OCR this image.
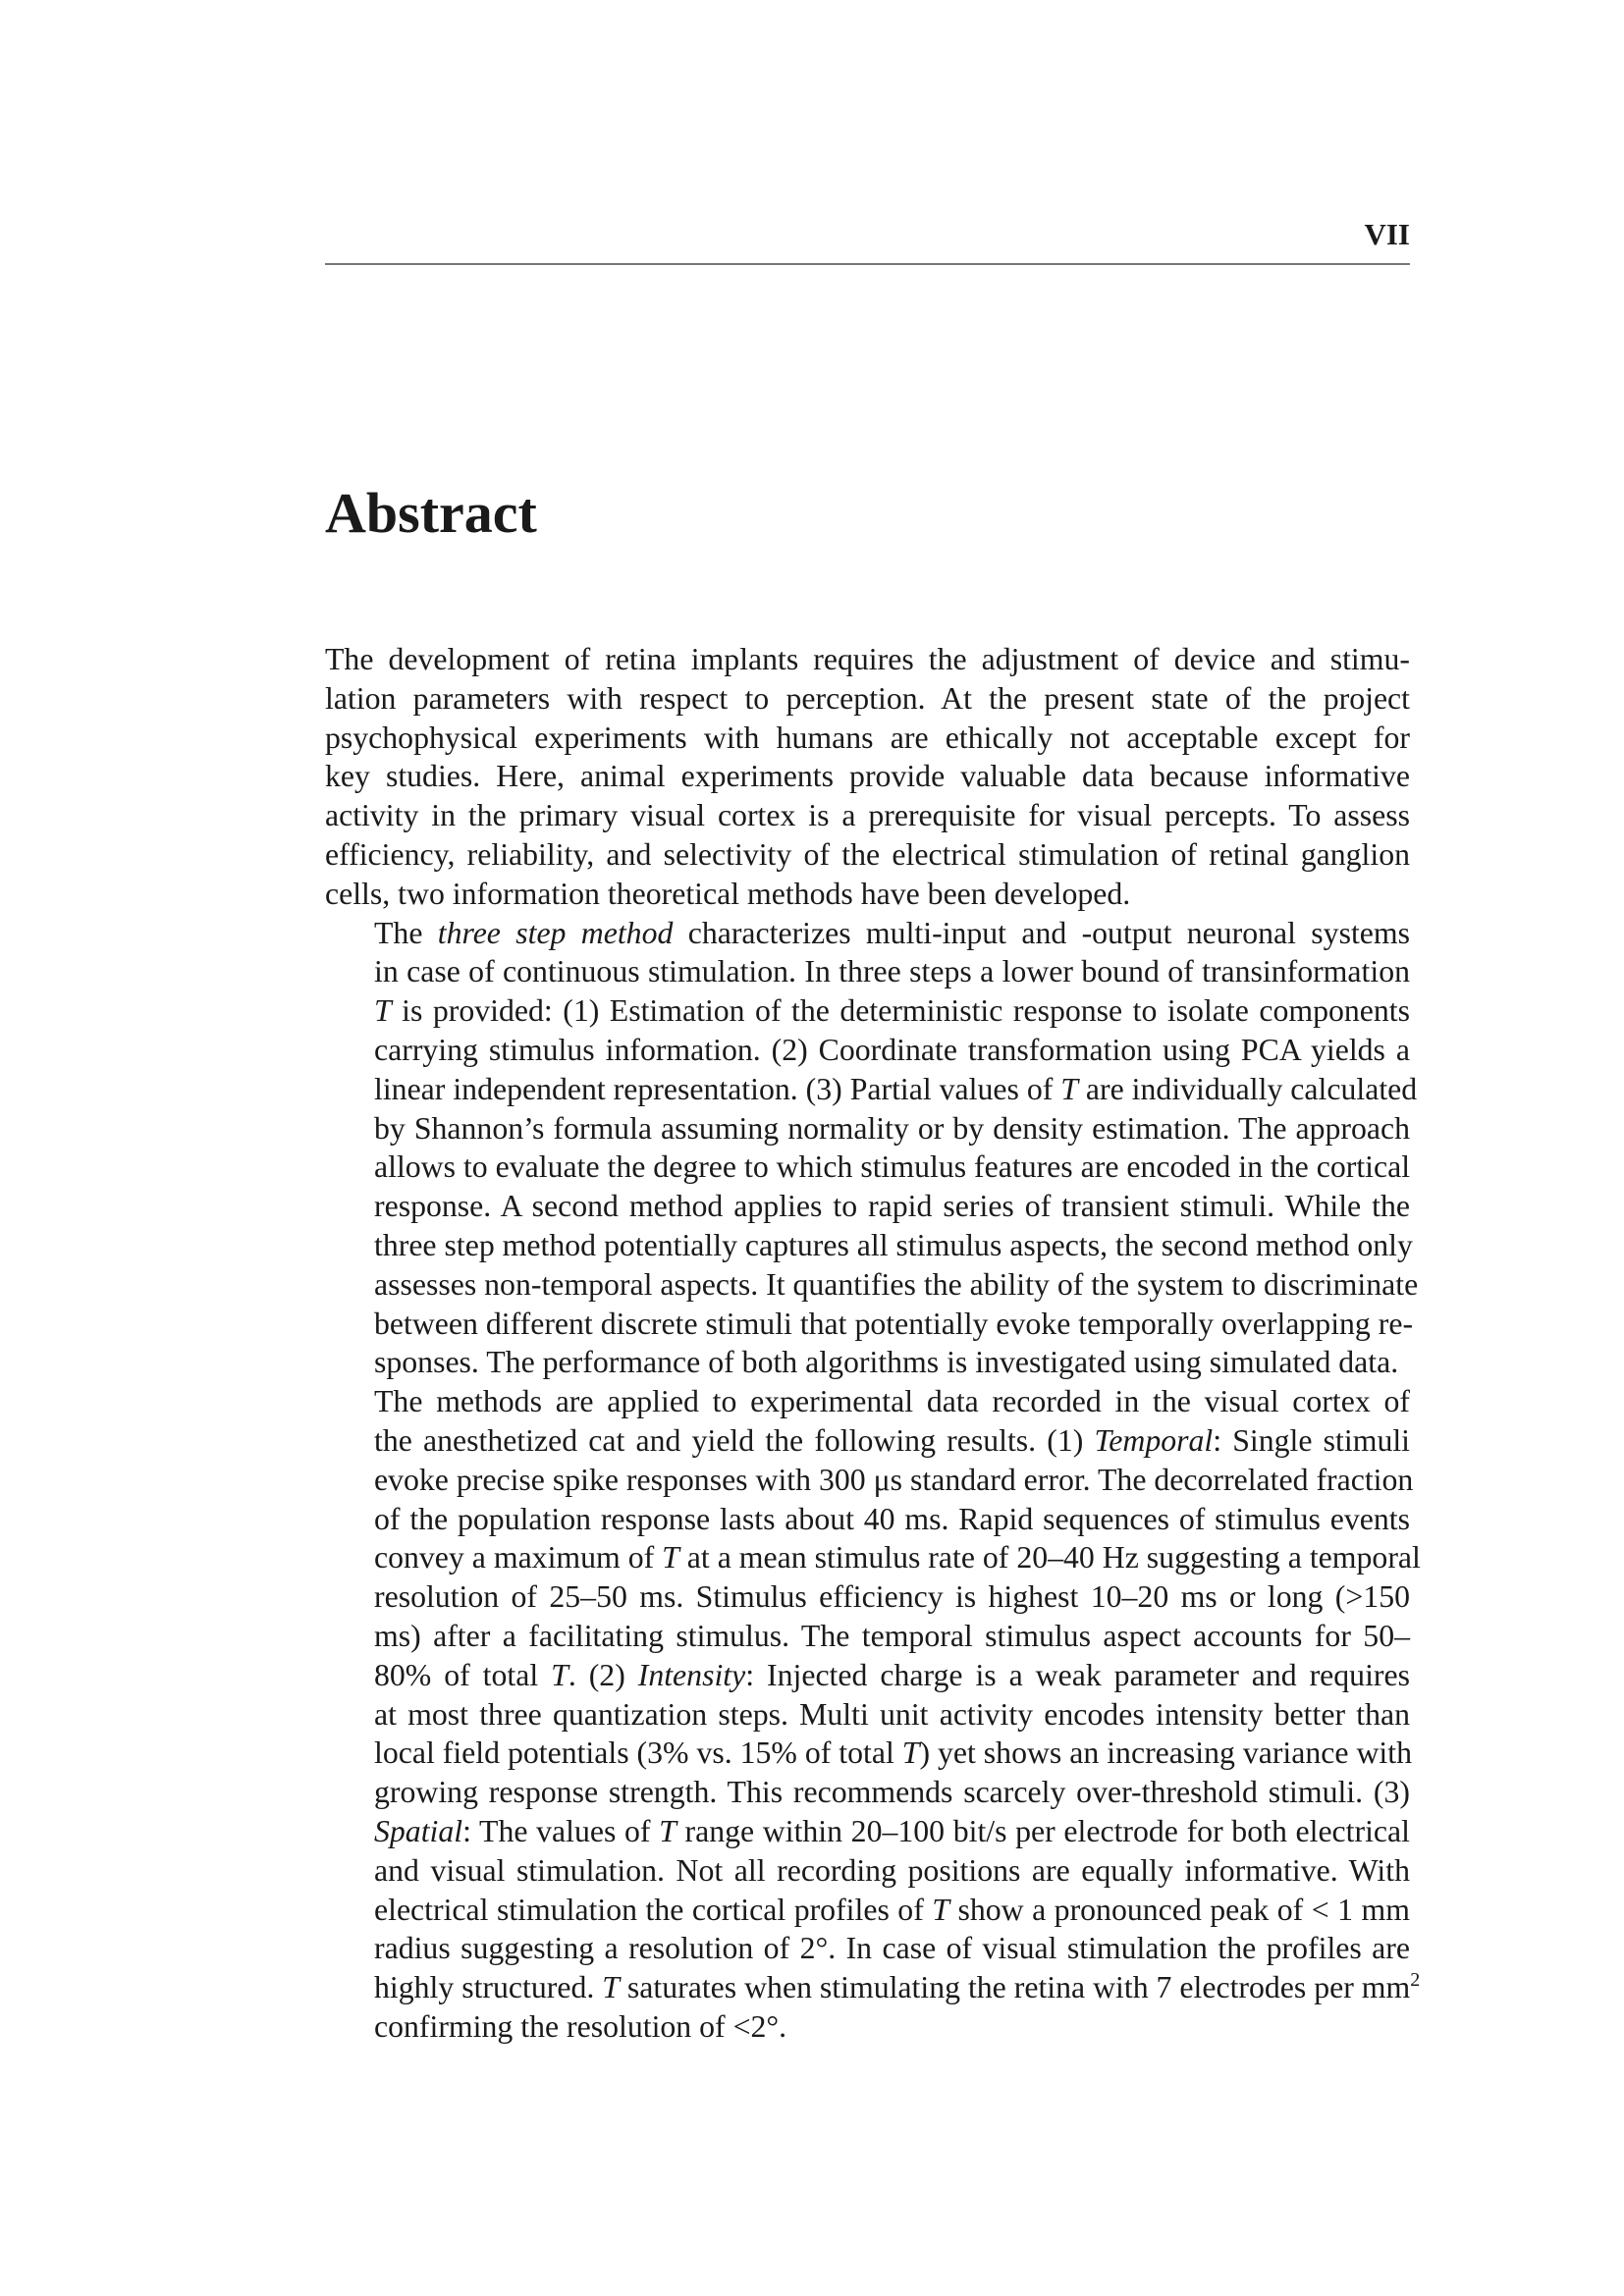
VII
Abstract

The development of retina implants requires the adjustment of device and stimu-
lation parameters with respect to perception. At the present state of the project
psychophysical experiments with humans are ethically not acceptable except for
key studies. Here, animal experiments provide valuable data because informative
activity in the primary visual cortex is a prerequisite for visual percepts. To assess
efficiency, reliability, and selectivity of the electrical stimulation of retinal ganglion
cells, two information theoretical methods have been developed.

The three step method characterizes multi-input and -output neuronal systems
in case of continuous stimulation. In three steps a lower bound of transinformation
T is provided: (1) Estimation of the deterministic response to isolate components
carrying stimulus information. (2) Coordinate transformation using PCA yields a
linear independent representation. (3) Partial values of T are individually calculated
by Shannon’s formula assuming normality or by density estimation. The approach
allows to evaluate the degree to which stimulus features are encoded in the cortical
response. A second method applies to rapid series of transient stimuli. While the
three step method potentially captures all stimulus aspects, the second method only
assesses non-temporal aspects. It quantifies the ability of the system to discriminate
between different discrete stimuli that potentially evoke temporally overlapping re-
sponses. The performance of both algorithms is investigated using simulated data.

The methods are applied to experimental data recorded in the visual cortex of
the anesthetized cat and yield the following results. (1) Temporal: Single stimuli
evoke precise spike responses with 300 μs standard error. The decorrelated fraction
of the population response lasts about 40 ms. Rapid sequences of stimulus events
convey a maximum of T at a mean stimulus rate of 20–40 Hz suggesting a temporal
resolution of 25–50 ms. Stimulus efficiency is highest 10–20 ms or long (>150
ms) after a facilitating stimulus. The temporal stimulus aspect accounts for 50–
80% of total T. (2) Intensity: Injected charge is a weak parameter and requires
at most three quantization steps. Multi unit activity encodes intensity better than
local field potentials (3% vs. 15% of total T) yet shows an increasing variance with
growing response strength. This recommends scarcely over-threshold stimuli. (3)
Spatial: The values of T range within 20–100 bit/s per electrode for both electrical
and visual stimulation. Not all recording positions are equally informative. With
electrical stimulation the cortical profiles of T show a pronounced peak of < 1 mm
radius suggesting a resolution of 2°. In case of visual stimulation the profiles are
highly structured. T saturates when stimulating the retina with 7 electrodes per $mm^2$
confirming the resolution of <2°.
